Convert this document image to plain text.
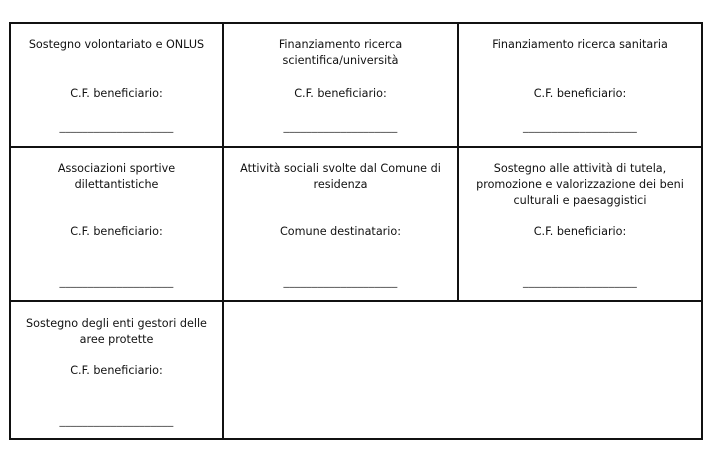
Sostegno volontariato e ONLUS
C.F. beneficiario:
____________________
Finanziamento ricerca scientifica/università
C.F. beneficiario:
____________________
Finanziamento ricerca sanitaria
C.F. beneficiario:
____________________
Associazioni sportive dilettantistiche
C.F. beneficiario:
____________________
Attività sociali svolte dal Comune di residenza
Comune destinatario:
____________________
Sostegno alle attività di tutela, promozione e valorizzazione dei beni culturali e paesaggistici
C.F. beneficiario:
____________________
Sostegno degli enti gestori delle aree protette
C.F. beneficiario:
____________________
